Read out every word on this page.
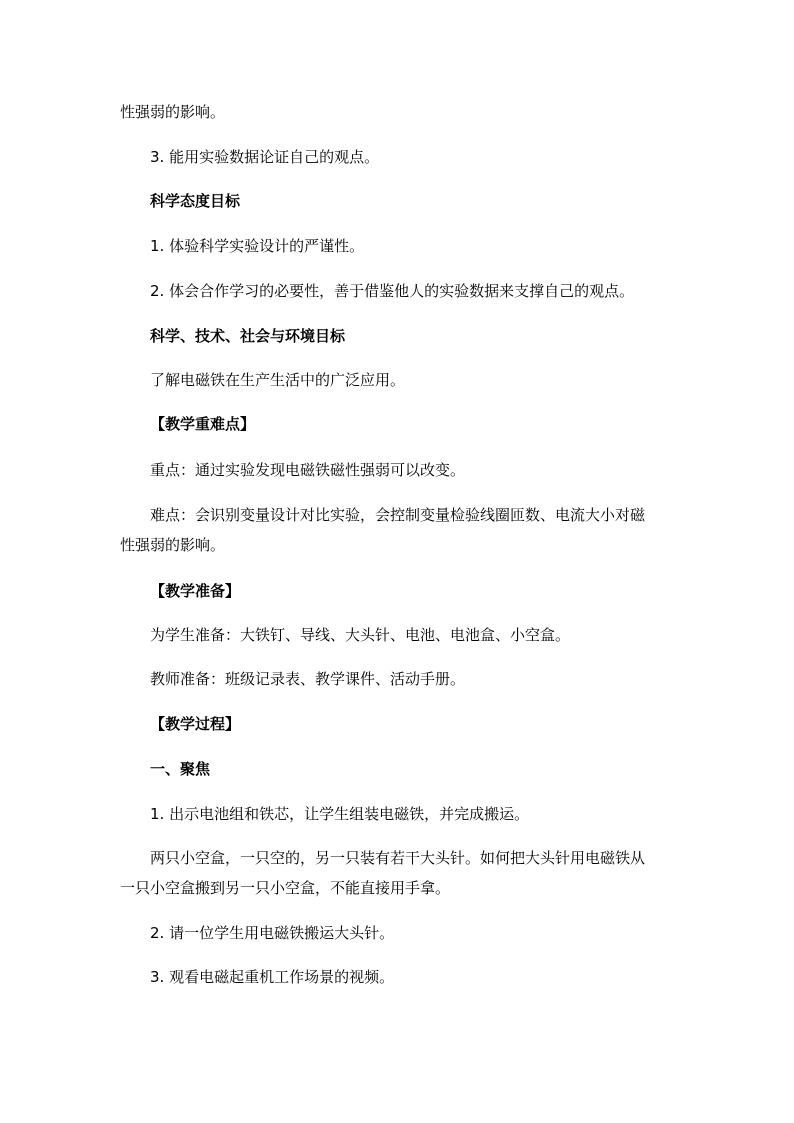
性强弱的影响。
3. 能用实验数据论证自己的观点。
科学态度目标
1. 体验科学实验设计的严谨性。
2. 体会合作学习的必要性，善于借鉴他人的实验数据来支撑自己的观点。
科学、技术、社会与环境目标
了解电磁铁在生产生活中的广泛应用。
【教学重难点】
重点：通过实验发现电磁铁磁性强弱可以改变。
难点：会识别变量设计对比实验，会控制变量检验线圈匝数、电流大小对磁
性强弱的影响。
【教学准备】
为学生准备：大铁钉、导线、大头针、电池、电池盒、小空盒。
教师准备：班级记录表、教学课件、活动手册。
【教学过程】
一、聚焦
1. 出示电池组和铁芯，让学生组装电磁铁，并完成搬运。
两只小空盒，一只空的，另一只装有若干大头针。如何把大头针用电磁铁从
一只小空盒搬到另一只小空盒，不能直接用手拿。
2. 请一位学生用电磁铁搬运大头针。
3. 观看电磁起重机工作场景的视频。
